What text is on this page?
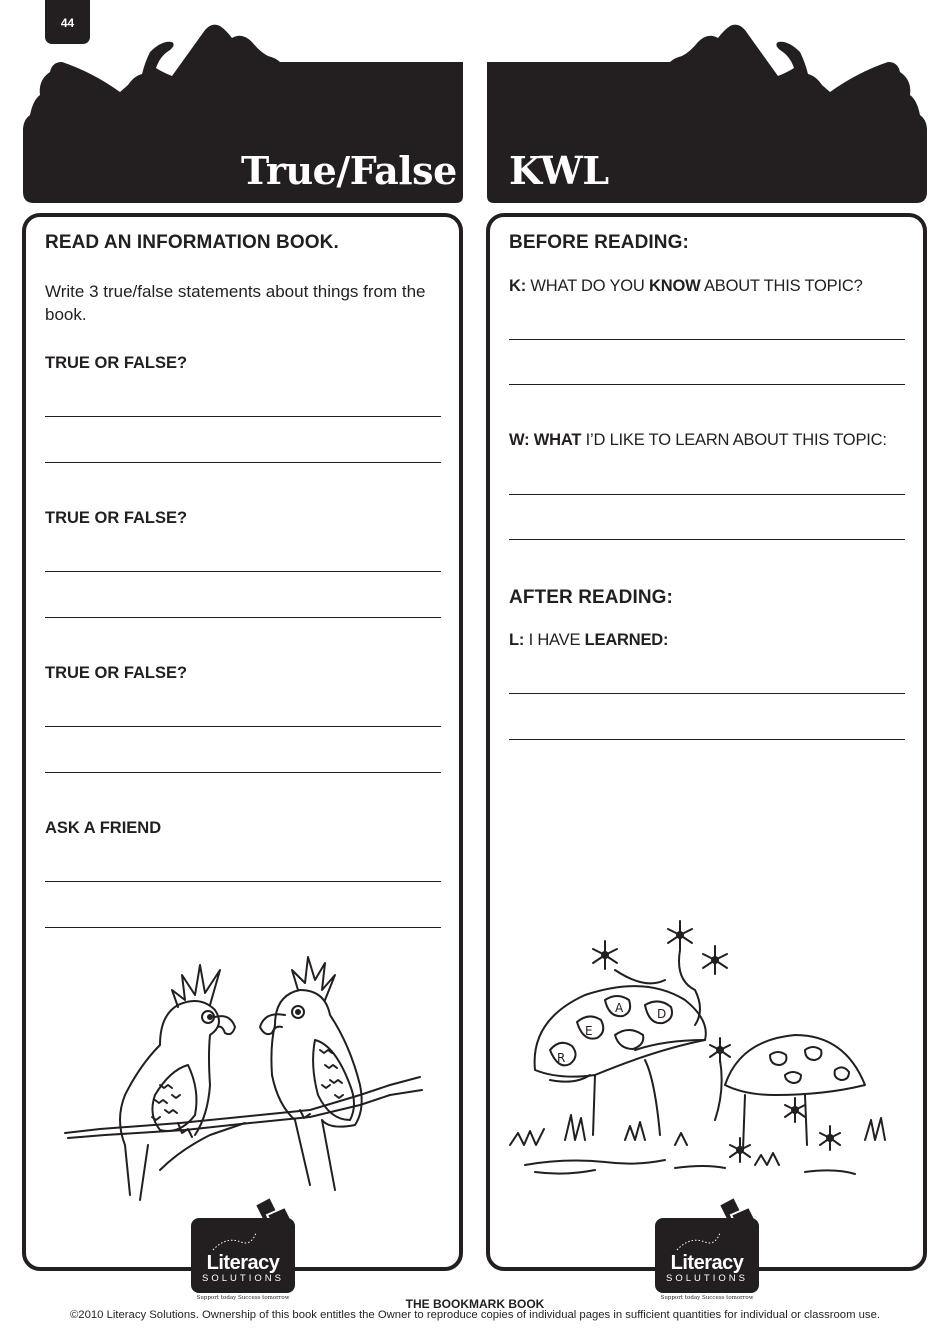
44
True/False KWL
READ AN INFORMATION BOOK.
Write 3 true/false statements about things from the book.
TRUE OR FALSE?
TRUE OR FALSE?
TRUE OR FALSE?
ASK A FRIEND
BEFORE READING:
K: WHAT DO YOU KNOW ABOUT THIS TOPIC?
W: WHAT I’D LIKE TO LEARN ABOUT THIS TOPIC:
AFTER READING:
L: I HAVE LEARNED:
R
E
A	D
Literacy
SOLUTIONS
Support today Success tomorrow
Literacy
SOLUTIONS
Support today Success tomorrow
THE BOOKMARK BOOK
©2010 Literacy Solutions. Ownership of this book entitles the Owner to reproduce copies of individual pages in sufficient quantities for individual or classroom use.
